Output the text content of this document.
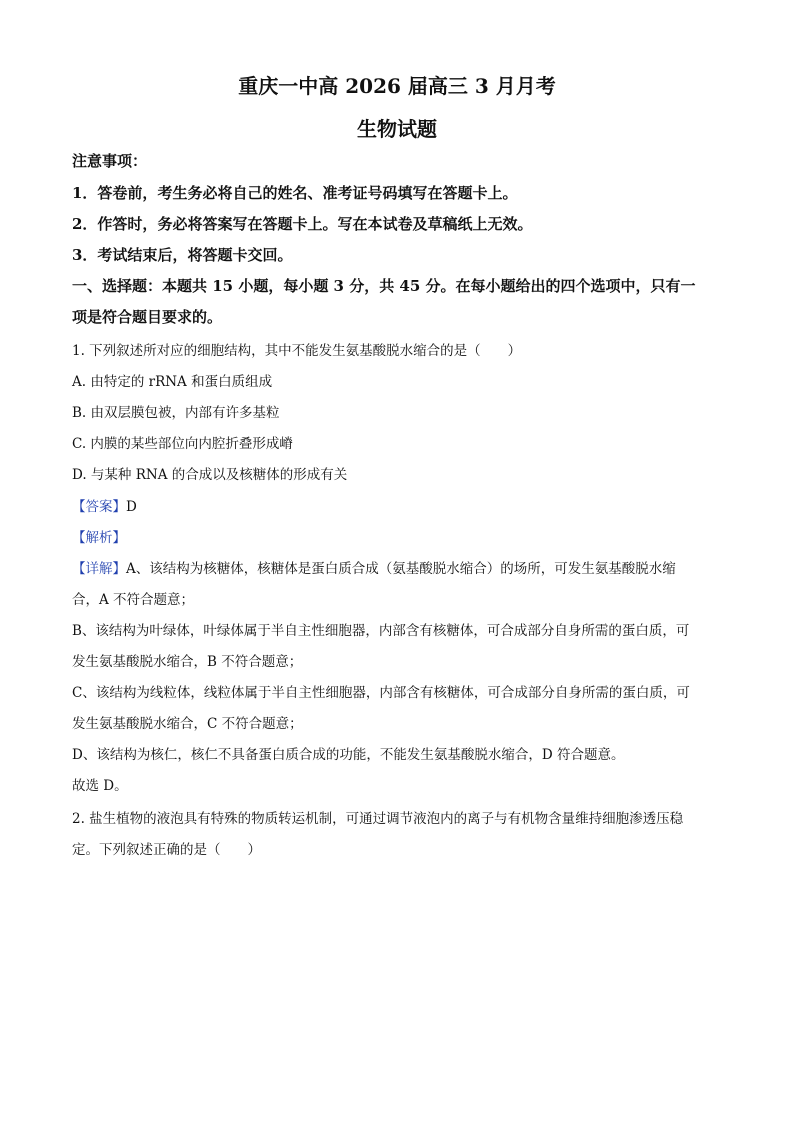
重庆一中高 2026 届高三 3 月月考
生物试题
注意事项：
1．答卷前，考生务必将自己的姓名、准考证号码填写在答题卡上。
2．作答时，务必将答案写在答题卡上。写在本试卷及草稿纸上无效。
3．考试结束后，将答题卡交回。
一、选择题：本题共 15 小题，每小题 3 分，共 45 分。在每小题给出的四个选项中，只有一
项是符合题目要求的。
1. 下列叙述所对应的细胞结构，其中不能发生氨基酸脱水缩合的是（　　）
A. 由特定的 rRNA 和蛋白质组成
B. 由双层膜包被，内部有许多基粒
C. 内膜的某些部位向内腔折叠形成嵴
D. 与某种 RNA 的合成以及核糖体的形成有关
【答案】D
【解析】
【详解】A、该结构为核糖体，核糖体是蛋白质合成（氨基酸脱水缩合）的场所，可发生氨基酸脱水缩
合，A 不符合题意；
B、该结构为叶绿体，叶绿体属于半自主性细胞器，内部含有核糖体，可合成部分自身所需的蛋白质，可
发生氨基酸脱水缩合，B 不符合题意；
C、该结构为线粒体，线粒体属于半自主性细胞器，内部含有核糖体，可合成部分自身所需的蛋白质，可
发生氨基酸脱水缩合，C 不符合题意；
D、该结构为核仁，核仁不具备蛋白质合成的功能，不能发生氨基酸脱水缩合，D 符合题意。
故选 D。
2. 盐生植物的液泡具有特殊的物质转运机制，可通过调节液泡内的离子与有机物含量维持细胞渗透压稳
定。下列叙述正确的是（　　）
